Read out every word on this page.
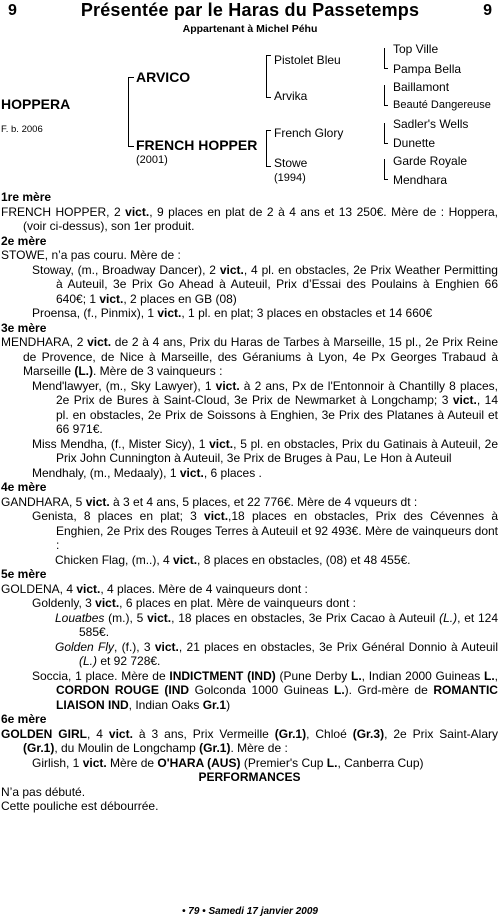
9	9
Présentée par le Haras du Passetemps
Appartenant à Michel Péhu
HOPPERA
F. b. 2006
ARVICO
FRENCH HOPPER
(2001)
Pistolet Bleu
Arvika
French Glory
Stowe
(1994)
Top Ville
Pampa Bella
Baillamont
Beauté Dangereuse
Sadler's Wells
Dunette
Garde Royale
Mendhara

1re mère

FRENCH HOPPER, 2 vict., 9 places en plat de 2 à 4 ans et 13 250€. Mère de : Hoppera, (voir ci-dessus), son 1er produit.

2e mère

STOWE, n’a pas couru. Mère de :

Stoway, (m., Broadway Dancer), 2 vict., 4 pl. en obstacles, 2e Prix Weather Permitting à Auteuil, 3e Prix Go Ahead à Auteuil, Prix d’Essai des Poulains à Enghien 66 640€; 1 vict., 2 places en GB (08)

Proensa, (f., Pinmix), 1 vict., 1 pl. en plat; 3 places en obstacles et 14 660€

3e mère

MENDHARA, 2 vict. de 2 à 4 ans, Prix du Haras de Tarbes à Marseille, 15 pl., 2e Prix Reine de Provence, de Nice à Marseille, des Géraniums à Lyon, 4e Px Georges Trabaud à Marseille (L.). Mère de 3 vainqueurs :

Mend'lawyer, (m., Sky Lawyer), 1 vict. à 2 ans, Px de l'Entonnoir à Chantilly 8 places, 2e Prix de Bures à Saint-Cloud, 3e Prix de Newmarket à Longchamp; 3 vict., 14 pl. en obstacles, 2e Prix de Soissons à Enghien, 3e Prix des Platanes à Auteuil et 66 971€.

Miss Mendha, (f., Mister Sicy), 1 vict., 5 pl. en obstacles, Prix du Gatinais à Auteuil, 2e Prix John Cunnington à Auteuil, 3e Prix de Bruges à Pau, Le Hon à Auteuil

Mendhaly, (m., Medaaly), 1 vict., 6 places .

4e mère

GANDHARA, 5 vict. à 3 et 4 ans, 5 places, et 22 776€. Mère de 4 vqueurs dt :

Genista, 8 places en plat; 3 vict.,18 places en obstacles, Prix des Cévennes à Enghien, 2e Prix des Rouges Terres à Auteuil et 92 493€. Mère de vainqueurs dont :

Chicken Flag, (m..), 4 vict., 8 places en obstacles, (08) et 48 455€.

5e mère

GOLDENA, 4 vict., 4 places. Mère de 4 vainqueurs dont :

Goldenly, 3 vict., 6 places en plat. Mère de vainqueurs dont :

Louatbes (m.), 5 vict., 18 places en obstacles, 3e Prix Cacao à Auteuil (L.), et 124 585€.

Golden Fly, (f.), 3 vict., 21 places en obstacles, 3e Prix Général Donnio à Auteuil (L.) et 92 728€.

Soccia, 1 place. Mère de INDICTMENT (IND) (Pune Derby L., Indian 2000 Guineas L., CORDON ROUGE (IND Golconda 1000 Guineas L.). Grd-mère de ROMANTIC LIAISON IND, Indian Oaks Gr.1)

6e mère

GOLDEN GIRL, 4 vict. à 3 ans, Prix Vermeille (Gr.1), Chloé (Gr.3), 2e Prix Saint-Alary (Gr.1), du Moulin de Longchamp (Gr.1). Mère de :

Girlish, 1 vict. Mère de O'HARA (AUS) (Premier's Cup L., Canberra Cup)

PERFORMANCES

N’a pas débuté.

Cette pouliche est débourrée.

• 79 • Samedi 17 janvier 2009
